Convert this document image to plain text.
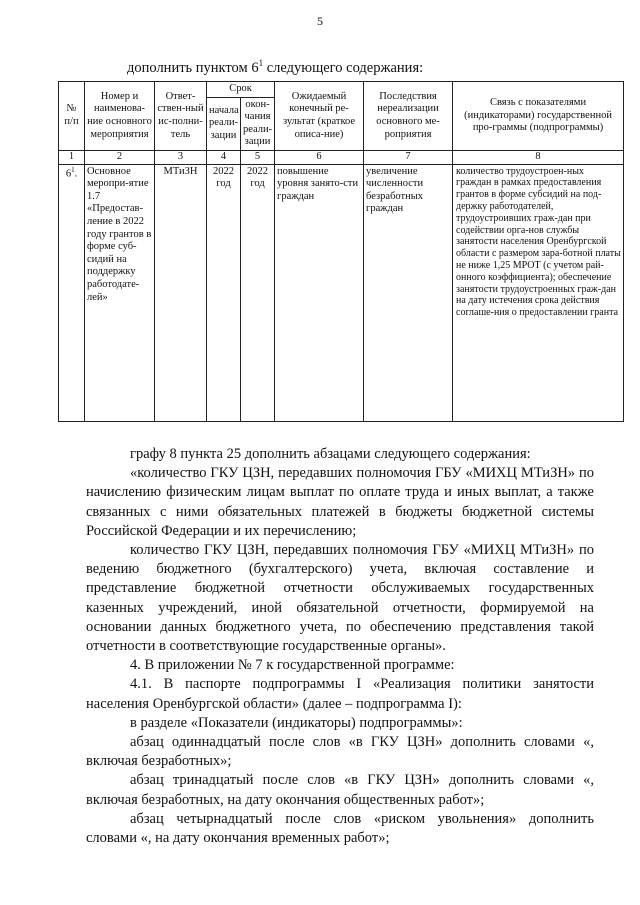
5
дополнить пунктом $6^1$ следующего содержания:
№ п/п	Номер и наименова-ние основного мероприятия	Ответ-ствен-ный ис-полни-тель	Срок		Ожидаемый конечный ре-зультат (краткое описа-ние)	Последствия нереализации основного ме-роприятия	Связь с показателями (индикаторами) государственной про-граммы (подпрограммы)
			начала реали-зации	окон-чания реали-зации			
1	2	3	4	5	6	7	8
$6^1$.	Основное меропри-ятие 1.7 «Предостав-ление в 2022 году грантов в форме суб-сидий на поддержку работодате-лей»	МТиЗН	2022 год	2022 год	повышение уровня занято-сти граждан	увеличение численности безработных граждан	количество трудоустроен-ных граждан в рамках предоставления грантов в форме субсидий на под-держку работодателей, трудоустроивших граж-дан при содействии орга-нов службы занятости населения Оренбургской области с размером зара-ботной платы не ниже 1,25 МРОТ (с учетом рай-онного коэффициента); обеспечение занятости трудоустроенных граж-дан на дату истечения срока действия соглаше-ния о предоставлении гранта

графу 8 пункта 25 дополнить абзацами следующего содержания:

«количество ГКУ ЦЗН, передавших полномочия ГБУ «МИХЦ МТиЗН» по начислению физическим лицам выплат по оплате труда и иных выплат, а также связанных с ними обязательных платежей в бюджеты бюджетной системы Российской Федерации и их перечислению;

количество ГКУ ЦЗН, передавших полномочия ГБУ «МИХЦ МТиЗН» по ведению бюджетного (бухгалтерского) учета, включая составление и представление бюджетной отчетности обслуживаемых государственных казенных учреждений, иной обязательной отчетности, формируемой на основании данных бюджетного учета, по обеспечению представления такой отчетности в соответствующие государственные органы».

4. В приложении № 7 к государственной программе:

4.1. В паспорте подпрограммы I «Реализация политики занятости населения Оренбургской области» (далее – подпрограмма I):

в разделе «Показатели (индикаторы) подпрограммы»:

абзац одиннадцатый после слов «в ГКУ ЦЗН» дополнить словами «, включая безработных»;

абзац тринадцатый после слов «в ГКУ ЦЗН» дополнить словами «, включая безработных, на дату окончания общественных работ»;

абзац четырнадцатый после слов «риском увольнения» дополнить словами «, на дату окончания временных работ»;
